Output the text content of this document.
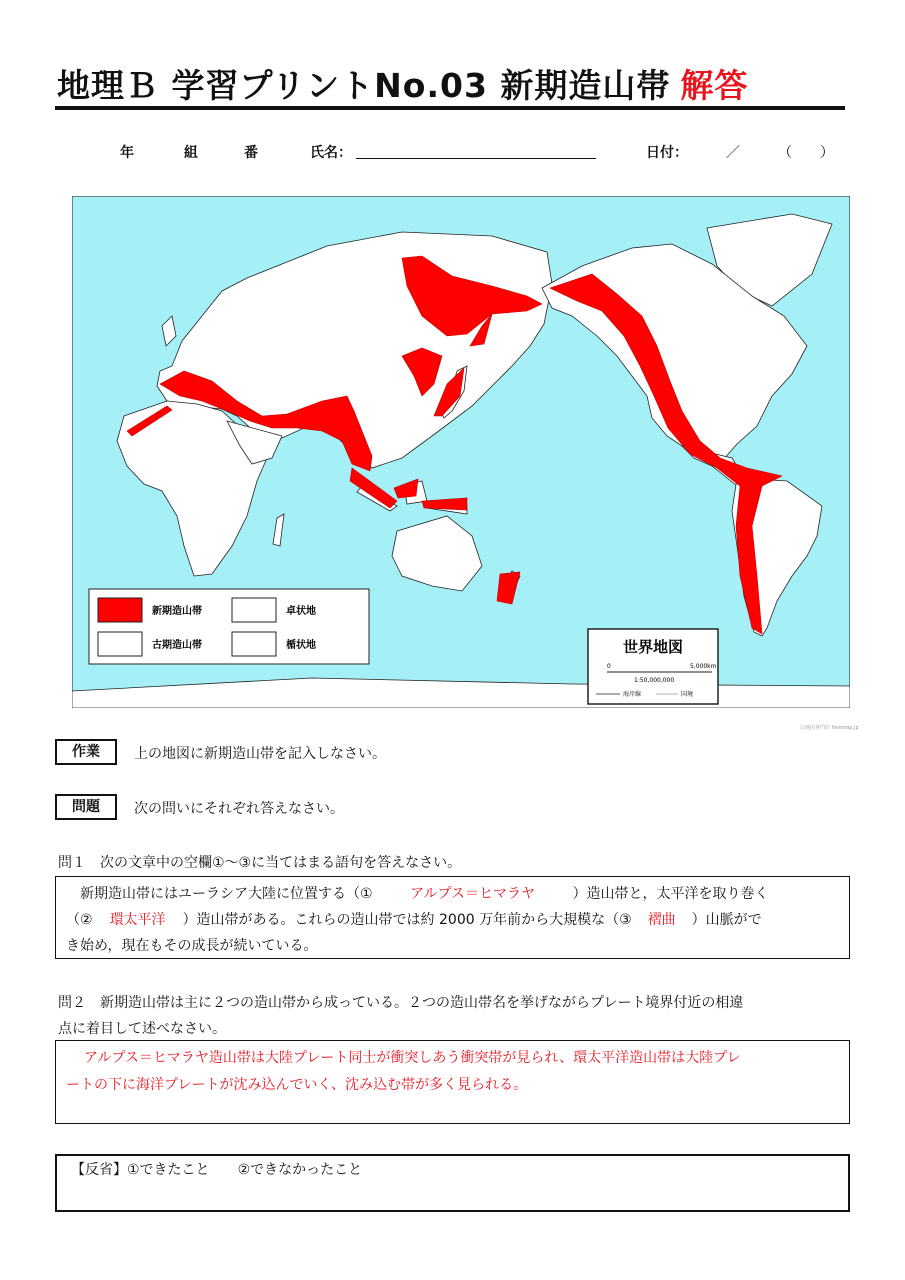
地理Ｂ 学習プリントNo.03 新期造山帯 解答
年	組	番	氏名：	日付：	／	（　　）
新期造山帯
古期造山帯
卓状地
楯状地	世界地図
0	5,000km
1:50,000,000
海岸線	国境
白地図専門店 freemap.jp
作業	上の地図に新期造山帯を記入しなさい。
問題	次の問いにそれぞれ答えなさい。
問１　次の文章中の空欄①～③に当てはまる語句を答えなさい。
新期造山帯にはユーラシア大陸に位置する（①	アルプス＝ヒマラヤ	）造山帯と，太平洋を取り巻く
（② 環太平洋 ）造山帯がある。これらの造山帯では約 2000 万年前から大規模な（③ 褶曲 ）山脈がで
き始め，現在もその成長が続いている。
問２　新期造山帯は主に２つの造山帯から成っている。２つの造山帯名を挙げながらプレート境界付近の相違
点に着目して述べなさい。
アルプス＝ヒマラヤ造山帯は大陸プレート同士が衝突しあう衝突帯が見られ、環太平洋造山帯は大陸プレ
ートの下に海洋プレートが沈み込んでいく、沈み込む帯が多く見られる。
【反省】①できたこと ②できなかったこと
